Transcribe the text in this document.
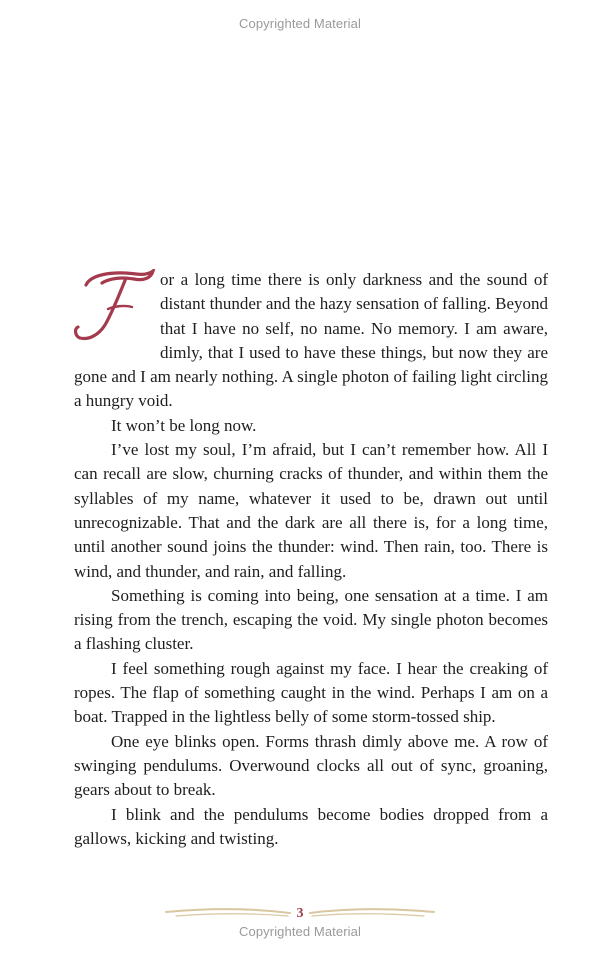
Copyrighted Material

or a long time there is only darkness and the sound of distant thunder and the hazy sensation of falling. Beyond that I have no self, no name. No memory. I am aware, dimly, that I used to have these things, but now they are gone and I am nearly nothing. A single photon of failing light circling a hungry void.

It won’t be long now.

I’ve lost my soul, I’m afraid, but I can’t remember how. All I can recall are slow, churning cracks of thunder, and within them the syllables of my name, whatever it used to be, drawn out until unrecognizable. That and the dark are all there is, for a long time, until another sound joins the thunder: wind. Then rain, too. There is wind, and thunder, and rain, and falling.

Something is coming into being, one sensation at a time. I am rising from the trench, escaping the void. My single photon becomes a flashing cluster.

I feel something rough against my face. I hear the creaking of ropes. The flap of something caught in the wind. Perhaps I am on a boat. Trapped in the lightless belly of some storm-tossed ship.

One eye blinks open. Forms thrash dimly above me. A row of swinging pendulums. Overwound clocks all out of sync, groaning, gears about to break.

I blink and the pendulums become bodies dropped from a gallows, kicking and twisting.

3
Copyrighted Material
